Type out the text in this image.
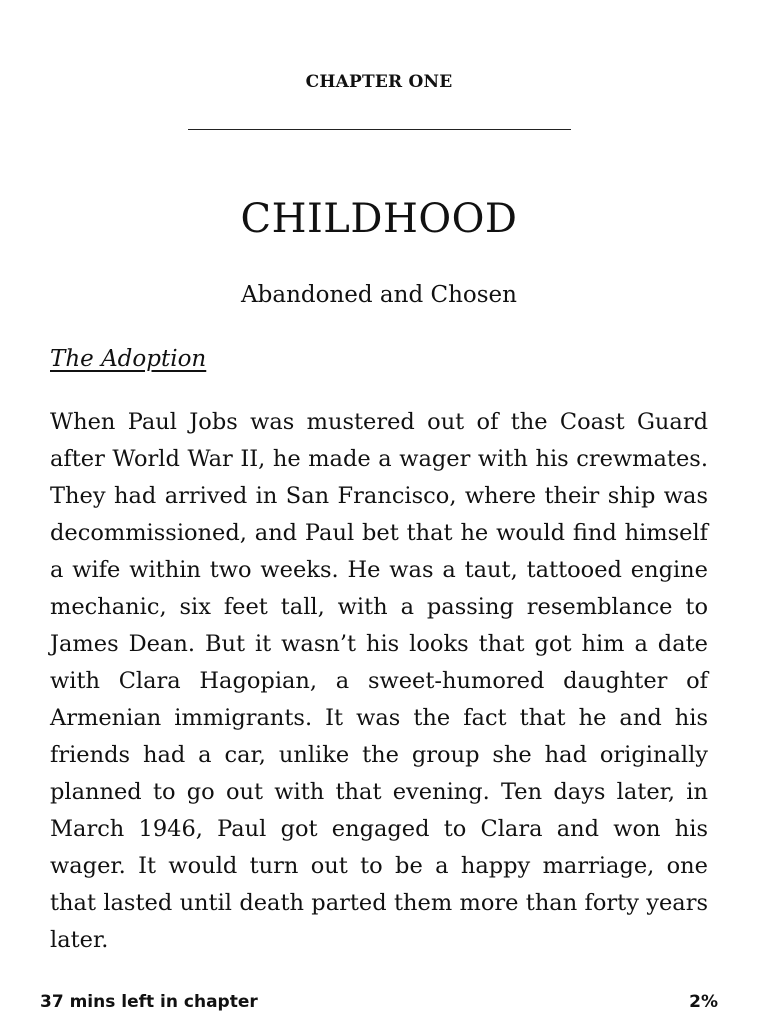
CHAPTER ONE
CHILDHOOD
Abandoned and Chosen
The Adoption

When Paul Jobs was mustered out of the Coast Guard after World War II, he made a wager with his crewmates. They had arrived in San Francisco, where their ship was decommissioned, and Paul bet that he would find himself a wife within two weeks. He was a taut, tattooed engine mechanic, six feet tall, with a passing resemblance to James Dean. But it wasn’t his looks that got him a date with Clara Hagopian, a sweet-humored daughter of Armenian immigrants. It was the fact that he and his friends had a car, unlike the group she had originally planned to go out with that evening. Ten days later, in March 1946, Paul got engaged to Clara and won his wager. It would turn out to be a happy marriage, one that lasted until death parted them more than forty years later.

37 mins left in chapter	2%
